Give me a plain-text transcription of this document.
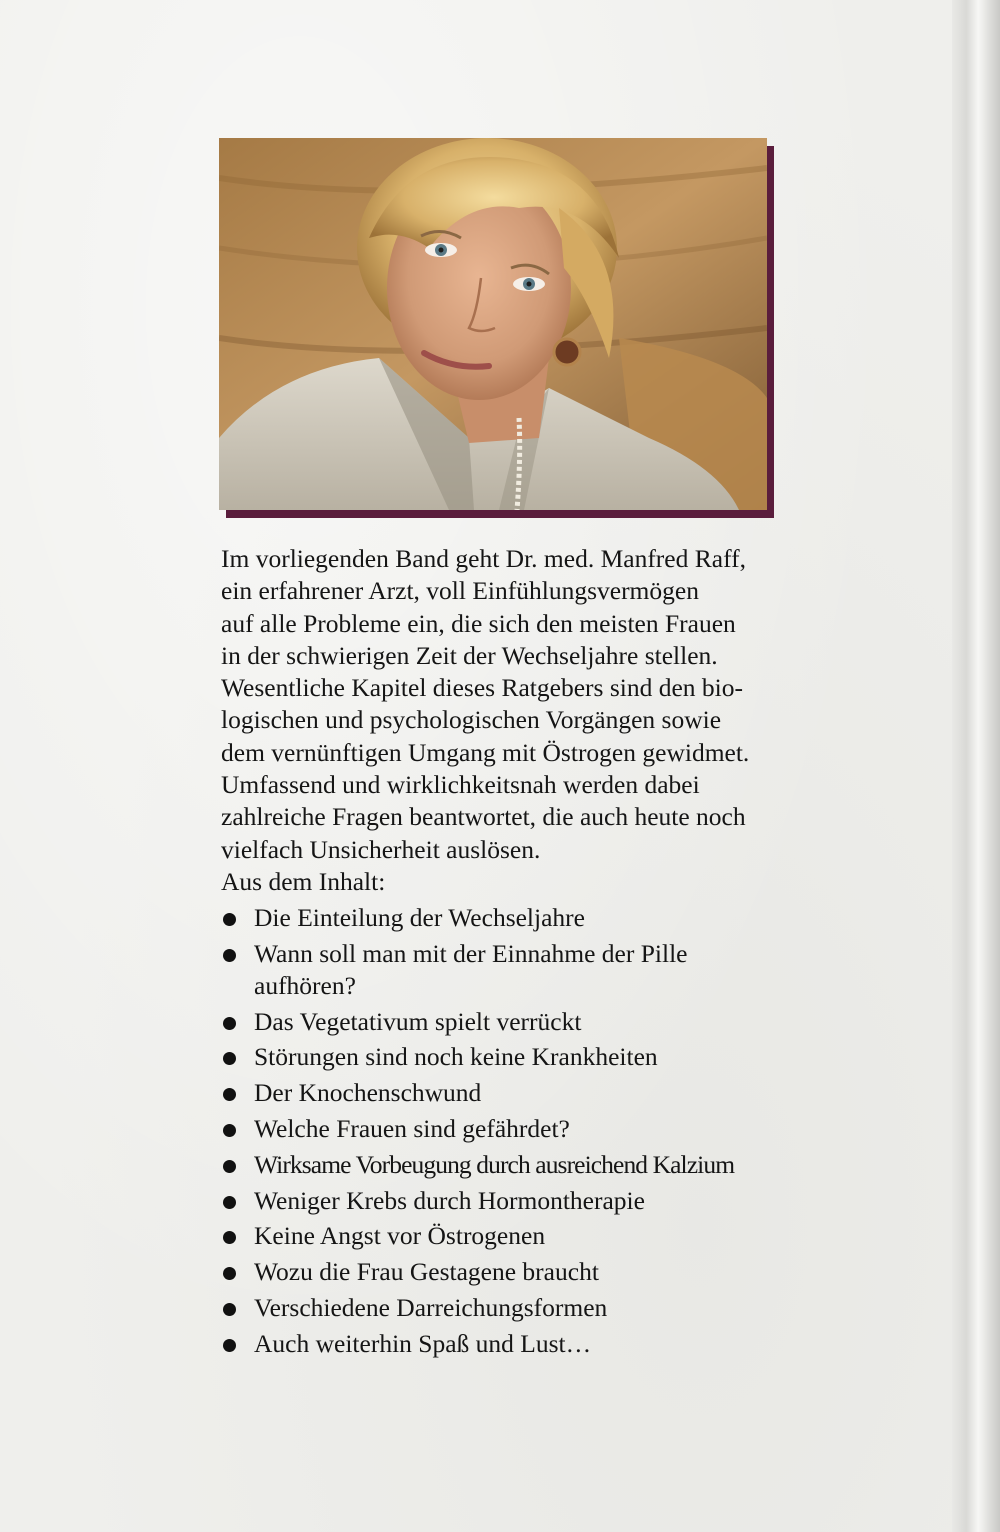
Im vorliegenden Band geht Dr. med. Manfred Raff,
ein erfahrener Arzt, voll Einfühlungsvermögen
auf alle Probleme ein, die sich den meisten Frauen
in der schwierigen Zeit der Wechseljahre stellen.
Wesentliche Kapitel dieses Ratgebers sind den bio-
logischen und psychologischen Vorgängen sowie
dem vernünftigen Umgang mit Östrogen gewidmet.
Umfassend und wirklichkeitsnah werden dabei
zahlreiche Fragen beantwortet, die auch heute noch
vielfach Unsicherheit auslösen.
Aus dem Inhalt:
Die Einteilung der Wechseljahre
Wann soll man mit der Einnahme der Pille
aufhören?
Das Vegetativum spielt verrückt
Störungen sind noch keine Krankheiten
Der Knochenschwund
Welche Frauen sind gefährdet?
Wirksame Vorbeugung durch ausreichend Kalzium
Weniger Krebs durch Hormontherapie
Keine Angst vor Östrogenen
Wozu die Frau Gestagene braucht
Verschiedene Darreichungsformen
Auch weiterhin Spaß und Lust…
